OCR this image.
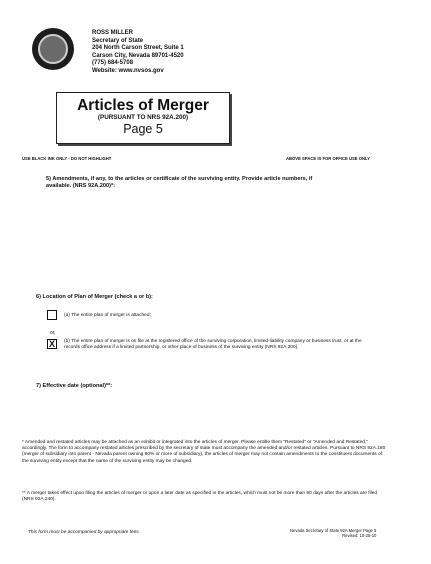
ROSS MILLER
Secretary of State
204 North Carson Street, Suite 1
Carson City, Nevada 89701-4520
(775) 684-5708
Website: www.nvsos.gov
Articles of Merger
(PURSUANT TO NRS 92A.200)
Page 5
USE BLACK INK ONLY - DO NOT HIGHLIGHT	ABOVE SPACE IS FOR OFFICE USE ONLY
5) Amendments, if any, to the articles or certificate of the surviving entity. Provide article numbers, if available. (NRS 92A.200)*:
6) Location of Plan of Merger (check a or b):
(a) The entire plan of merger is attached;
or,
X	(b) The entire plan of merger is on file at the registered office of the surviving corporation, limited-liability company or business trust, or at the records office address if a limited partnership, or other place of business of the surviving entity (NRS 92A.200).
7) Effective date (optional)**:
* Amended and restated articles may be attached as an exhibit or integrated into the articles of merger. Please entitle them "Restated" or "Amended and Restated," accordingly. The form to accompany restated articles prescribed by the secretary of state must accompany the amended and/or restated articles. Pursuant to NRS 92A.180 (merger of subsidiary into parent - Nevada parent owning 90% or more of subsidiary), the articles of merger may not contain amendments to the constituent documents of the surviving entity except that the name of the surviving entity may be changed.
** A merger takes effect upon filing the articles of merger or upon a later date as specified in the articles, which must not be more than 90 days after the articles are filed (NRS 92A.240).
This form must be accompanied by appropriate fees.	Nevada Secretary of State 92A Merger Page 5
Revised: 10-25-10
